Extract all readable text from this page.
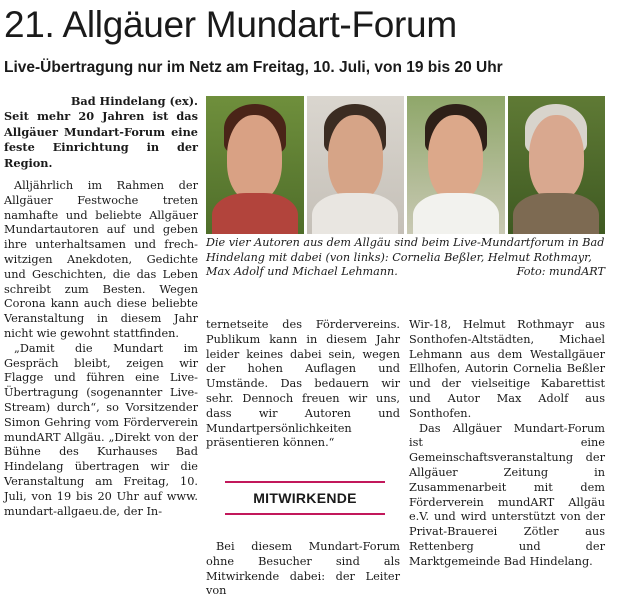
21. Allgäuer Mundart-Forum
Live-Übertragung nur im Netz am Freitag, 10. Juli, von 19 bis 20 Uhr

Bad Hindelang (ex).
Seit mehr 20 Jahren ist das Allgäuer Mundart-Forum eine feste Einrichtung in der Region.

Alljährlich im Rahmen der Allgäuer Festwoche treten namhafte und beliebte Allgäuer Mundartautoren auf und geben ihre unterhaltsamen und frech-witzigen Anekdoten, Gedichte und Geschichten, die das Leben schreibt zum Besten. Wegen Corona kann auch diese beliebte Veranstaltung in diesem Jahr nicht wie gewohnt stattfinden.

„Damit die Mundart im Gespräch bleibt, zeigen wir Flagge und führen eine Live-Übertragung (sogenannter Live-Stream) durch“, so Vorsitzender Simon Gehring vom Förderverein mundART Allgäu. „Direkt von der Bühne des Kurhauses Bad Hindelang übertragen wir die Veranstaltung am Freitag, 10. Juli, von 19 bis 20 Uhr auf www. mundart-allgaeu.de, der In-

Die vier Autoren aus dem Allgäu sind beim Live-Mundartforum in Bad Hindelang mit dabei (von links): Cornelia Beßler, Helmut Rothmayr, Max Adolf und Michael Lehmann.	Foto: mundART

ternetseite des Fördervereins. Publikum kann in diesem Jahr leider keines dabei sein, wegen der hohen Auflagen und Umstände. Das bedauern wir sehr. Dennoch freuen wir uns, dass wir Autoren und Mundartpersönlichkeiten präsentieren können.“

MITWIRKENDE

Bei diesem Mundart-Forum ohne Besucher sind als Mitwirkende dabei: der Leiter von

Wir-18, Helmut Rothmayr aus Sonthofen-Altstädten, Michael Lehmann aus dem Westallgäuer Ellhofen, Autorin Cornelia Beßler und der vielseitige Kabarettist und Autor Max Adolf aus Sonthofen.

Das Allgäuer Mundart-Forum ist eine Gemeinschaftsveranstaltung der Allgäuer Zeitung in Zusammenarbeit mit dem Förderverein mundART Allgäu e.V. und wird unterstützt von der Privat-Brauerei Zötler aus Rettenberg und der Marktgemeinde Bad Hindelang.
